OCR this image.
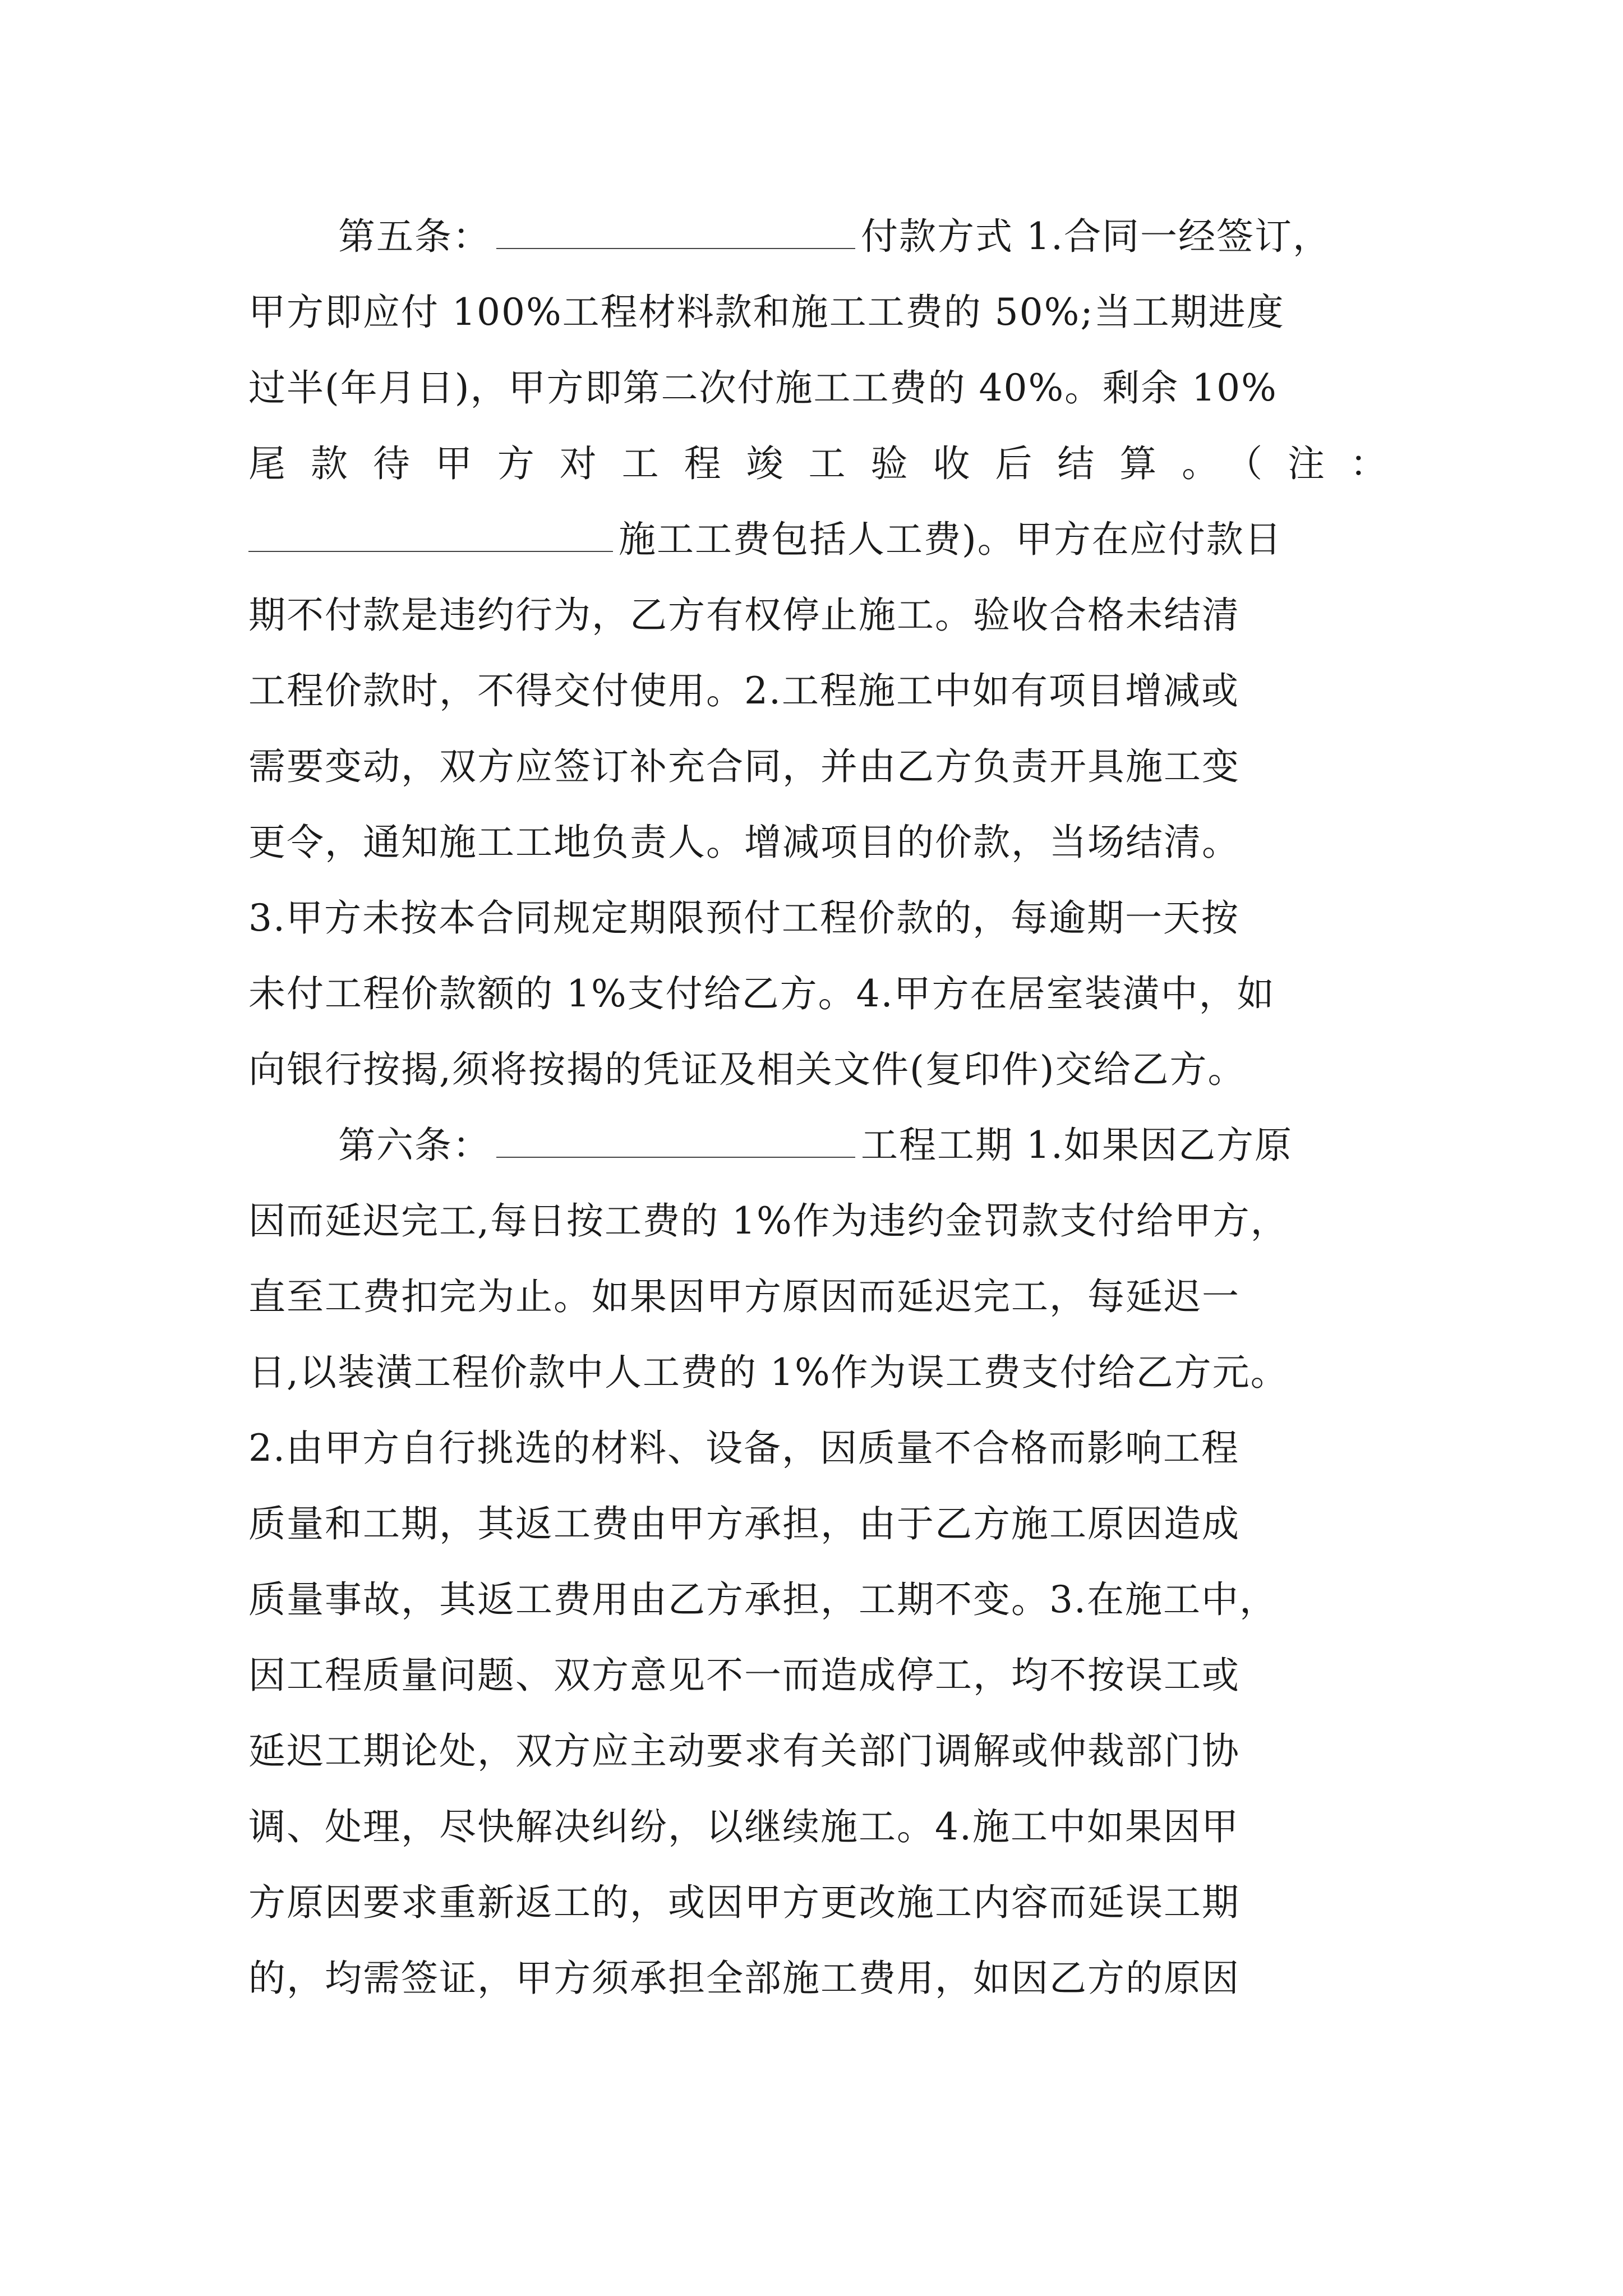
第五条：	付款方式 1.合同一经签订，
甲方即应付 100%工程材料款和施工工费的 50%;当工期进度
过半(年月日)，甲方即第二次付施工工费的 40%。剩余 10%
尾款待甲方对工程竣工验收后结算。（注：
施工工费包括人工费)。甲方在应付款日
期不付款是违约行为，乙方有权停止施工。验收合格未结清
工程价款时，不得交付使用。2.工程施工中如有项目增减或
需要变动，双方应签订补充合同，并由乙方负责开具施工变
更令，通知施工工地负责人。增减项目的价款，当场结清。
3.甲方未按本合同规定期限预付工程价款的，每逾期一天按
未付工程价款额的 1%支付给乙方。4.甲方在居室装潢中，如
向银行按揭,须将按揭的凭证及相关文件(复印件)交给乙方。
第六条：	工程工期 1.如果因乙方原
因而延迟完工,每日按工费的 1%作为违约金罚款支付给甲方，
直至工费扣完为止。如果因甲方原因而延迟完工，每延迟一
日,以装潢工程价款中人工费的 1%作为误工费支付给乙方元。
2.由甲方自行挑选的材料、设备，因质量不合格而影响工程
质量和工期，其返工费由甲方承担，由于乙方施工原因造成
质量事故，其返工费用由乙方承担，工期不变。3.在施工中，
因工程质量问题、双方意见不一而造成停工，均不按误工或
延迟工期论处，双方应主动要求有关部门调解或仲裁部门协
调、处理，尽快解决纠纷，以继续施工。4.施工中如果因甲
方原因要求重新返工的，或因甲方更改施工内容而延误工期
的，均需签证，甲方须承担全部施工费用，如因乙方的原因
